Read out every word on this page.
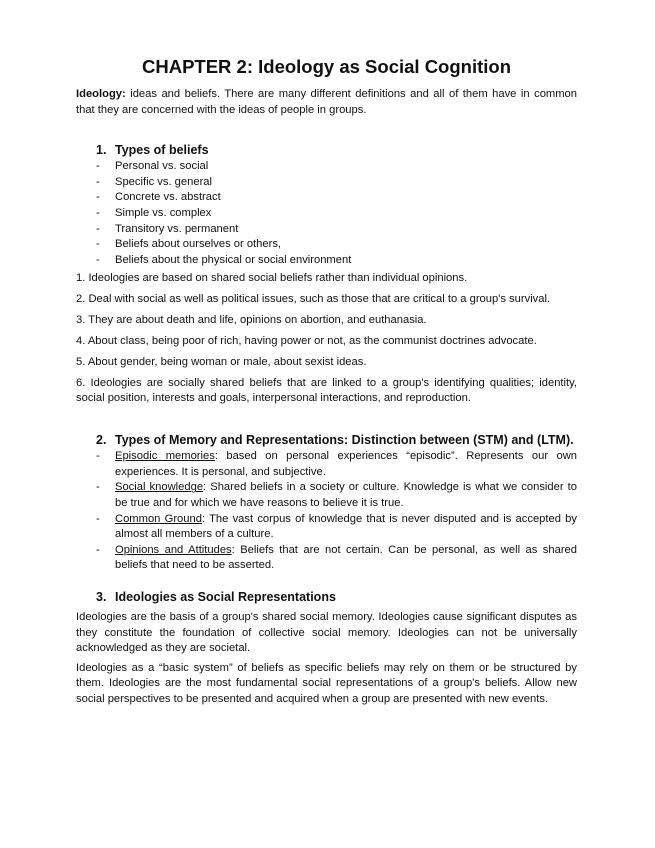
CHAPTER 2: Ideology as Social Cognition

Ideology: ideas and beliefs. There are many different definitions and all of them have in common that they are concerned with the ideas of people in groups.

1. Types of beliefs
-	Personal vs. social
-	Specific vs. general
-	Concrete vs. abstract
-	Simple vs. complex
-	Transitory vs. permanent
-	Beliefs about ourselves or others,
-	Beliefs about the physical or social environment

1. Ideologies are based on shared social beliefs rather than individual opinions.

2. Deal with social as well as political issues, such as those that are critical to a group's survival.

3. They are about death and life, opinions on abortion, and euthanasia.

4. About class, being poor of rich, having power or not, as the communist doctrines advocate.

5. About gender, being woman or male, about sexist ideas.

6. Ideologies are socially shared beliefs that are linked to a group's identifying qualities; identity, social position, interests and goals, interpersonal interactions, and reproduction.

2. Types of Memory and Representations: Distinction between (STM) and (LTM).
-	Episodic memories: based on personal experiences “episodic”. Represents our own experiences. It is personal, and subjective.
-	Social knowledge: Shared beliefs in a society or culture. Knowledge is what we consider to be true and for which we have reasons to believe it is true.
-	Common Ground: The vast corpus of knowledge that is never disputed and is accepted by almost all members of a culture.
-	Opinions and Attitudes: Beliefs that are not certain. Can be personal, as well as shared beliefs that need to be asserted.
3. Ideologies as Social Representations

Ideologies are the basis of a group's shared social memory. Ideologies cause significant disputes as they constitute the foundation of collective social memory. Ideologies can not be universally acknowledged as they are societal.

Ideologies as a “basic system” of beliefs as specific beliefs may rely on them or be structured by them. Ideologies are the most fundamental social representations of a group's beliefs. Allow new social perspectives to be presented and acquired when a group are presented with new events.
